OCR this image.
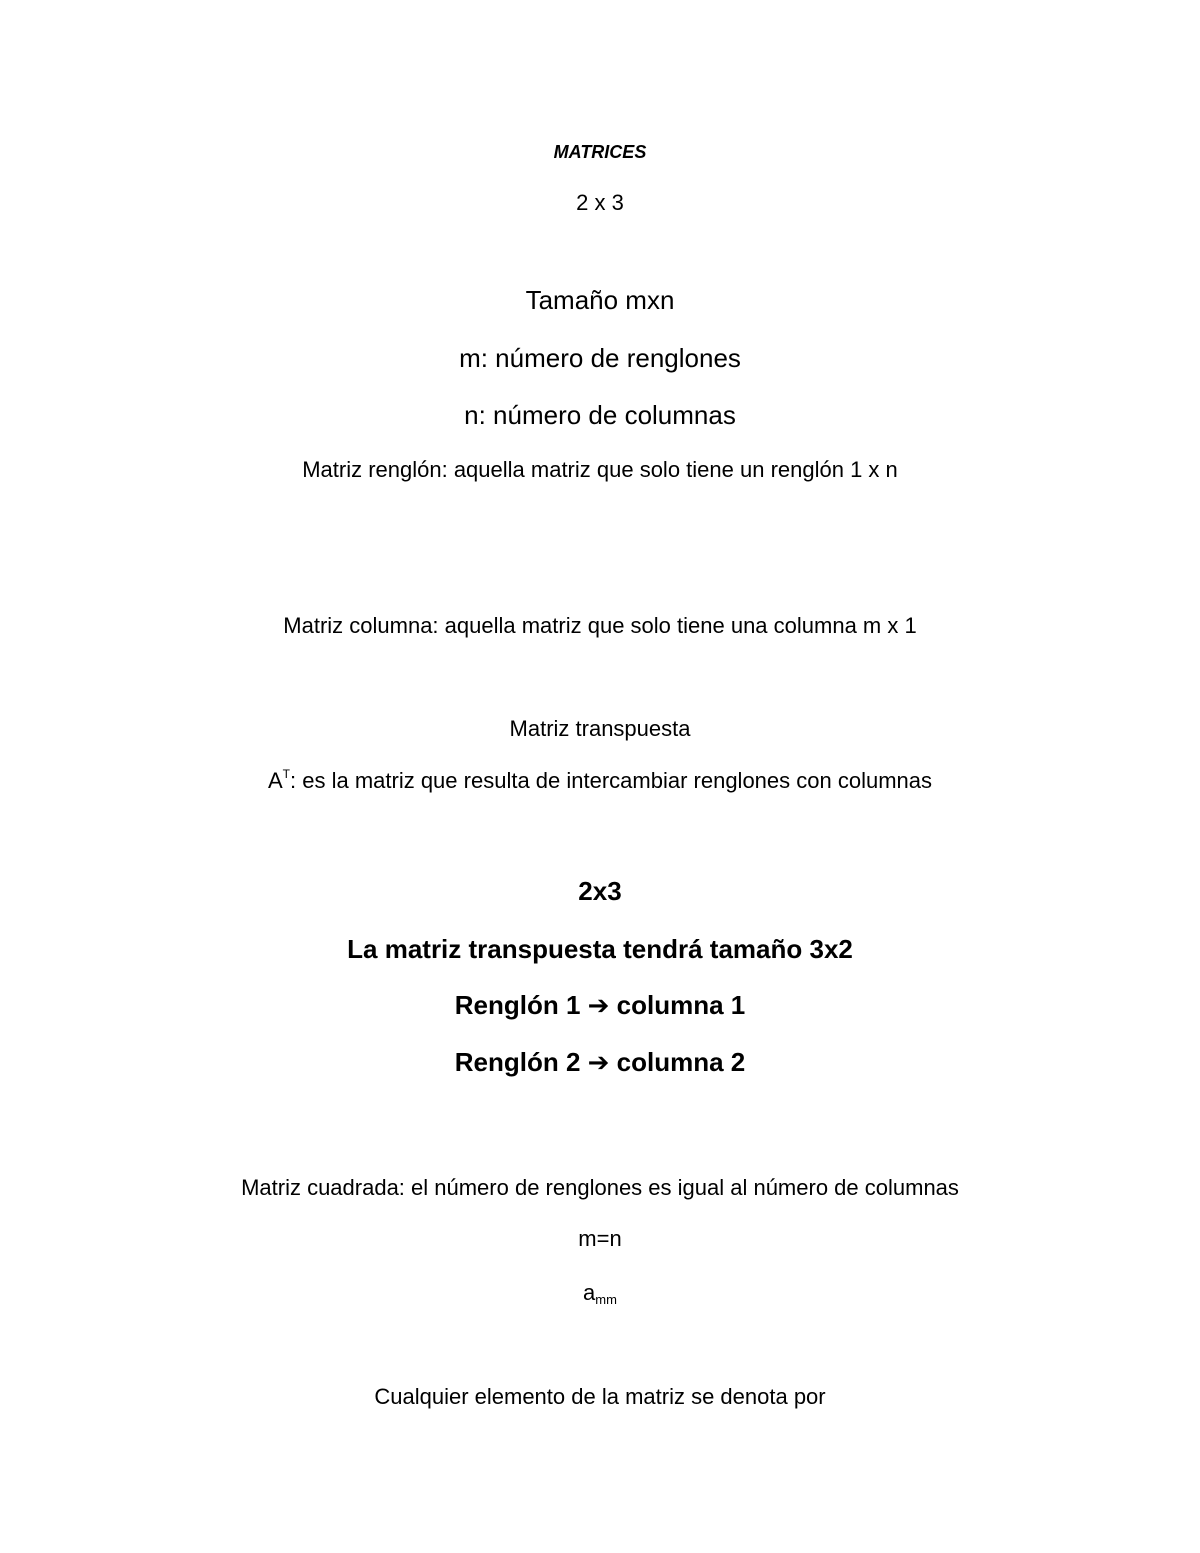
MATRICES
2 x 3
Tamaño mxn
m: número de renglones
n: número de columnas
Matriz renglón: aquella matriz que solo tiene un renglón 1 x n
Matriz columna: aquella matriz que solo tiene una columna m x 1
Matriz transpuesta
$A^T$: es la matriz que resulta de intercambiar renglones con columnas
2x3
La matriz transpuesta tendrá tamaño 3x2
Renglón 1 ➔ columna 1
Renglón 2 ➔ columna 2
Matriz cuadrada: el número de renglones es igual al número de columnas
m=n
$a_{mm}$
Cualquier elemento de la matriz se denota por
